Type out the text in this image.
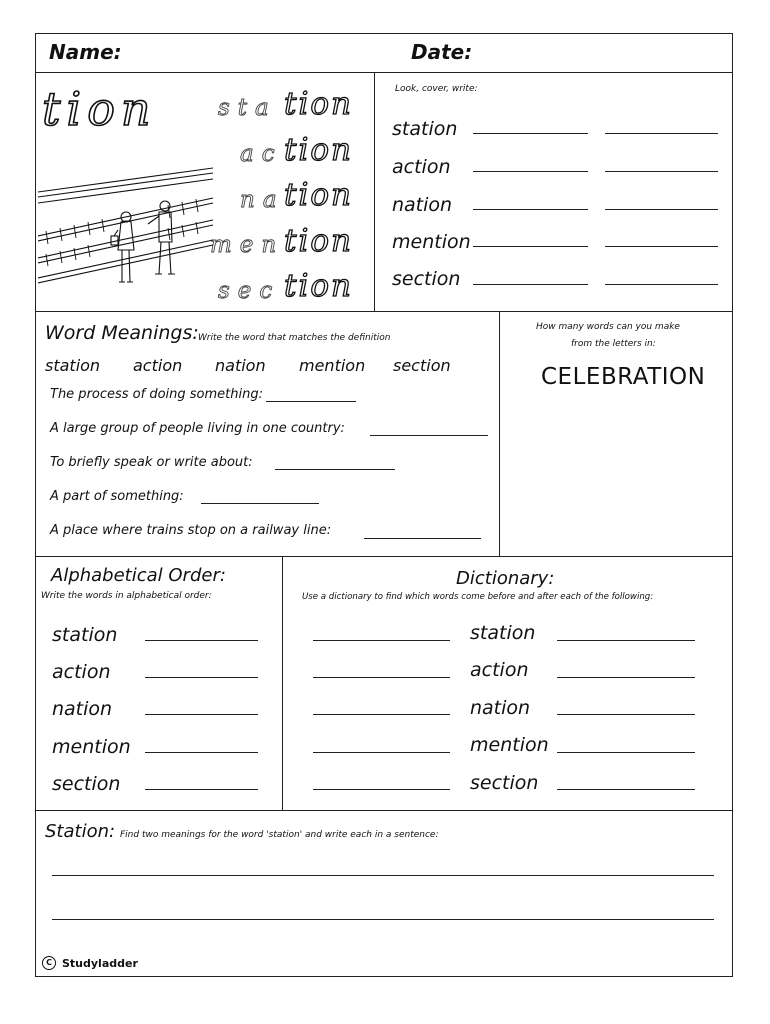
Name:	Date:
tion	sta tion
ac tion
na tion
men tion
sec tion
Look, cover, write:
station
action
nation
mention
section
Word Meanings: Write the word that matches the definition
station action nation mention section
The process of doing something:
A large group of people living in one country:
To briefly speak or write about:
A part of something:
A place where trains stop on a railway line:
How many words can you make
from the letters in:
CELEBRATION
Alphabetical Order:
Write the words in alphabetical order:
station
action
nation
mention
section
Dictionary:
Use a dictionary to find which words come before and after each of the following:
station
action
nation
mention
section
Station: Find two meanings for the word 'station' and write each in a sentence:
C Studyladder
